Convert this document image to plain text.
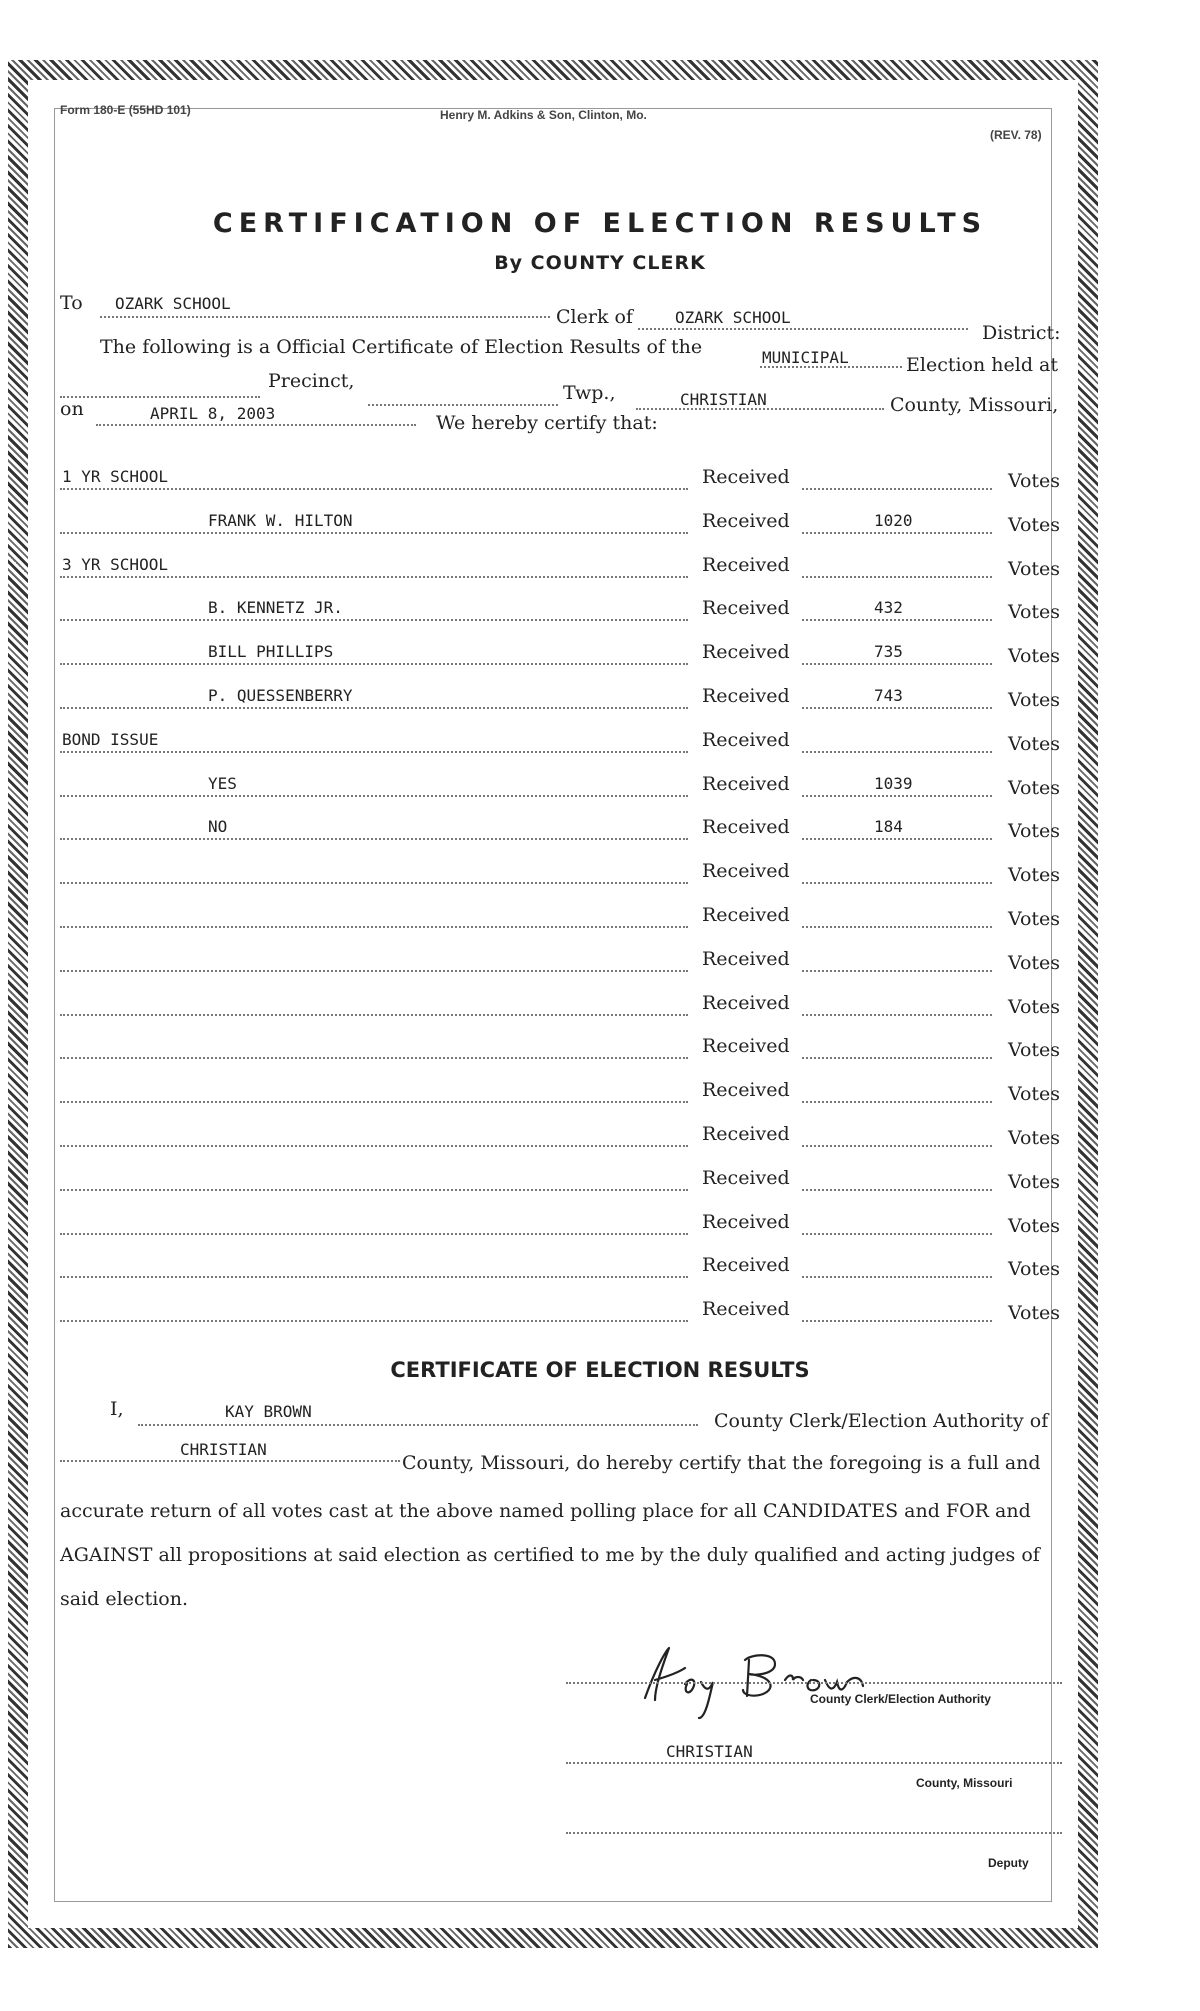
Form 180-E (55HD 101)	Henry M. Adkins & Son, Clinton, Mo.
(REV. 78)
CERTIFICATION OF ELECTION RESULTS
By COUNTY CLERK
To OZARK SCHOOL
Clerk of	OZARK SCHOOL
District:
The following is a Official Certificate of Election Results of the	MUNICIPAL	Election held at
Precinct,
Twp.,	CHRISTIAN	County, Missouri,
on	APRIL 8, 2003	We hereby certify that:
1 YR SCHOOL	Received	Votes
FRANK W. HILTON	Received	1020	Votes
3 YR SCHOOL	Received	Votes
B. KENNETZ JR.	Received	432	Votes
BILL PHILLIPS	Received	735	Votes
P. QUESSENBERRY	Received	743	Votes
BOND ISSUE	Received	Votes
YES	Received	1039	Votes
NO	Received	184	Votes
Received	Votes
Received	Votes
Received	Votes
Received	Votes
Received	Votes
Received	Votes
Received	Votes
Received	Votes
Received	Votes
Received	Votes
Received	Votes
CERTIFICATE OF ELECTION RESULTS
I,	KAY BROWN	County Clerk/Election Authority of
CHRISTIAN
County, Missouri, do hereby certify that the foregoing is a full and
accurate return of all votes cast at the above named polling place for all CANDIDATES and FOR and
AGAINST all propositions at said election as certified to me by the duly qualified and acting judges of
said election.
County Clerk/Election Authority
CHRISTIAN
County, Missouri
Deputy
